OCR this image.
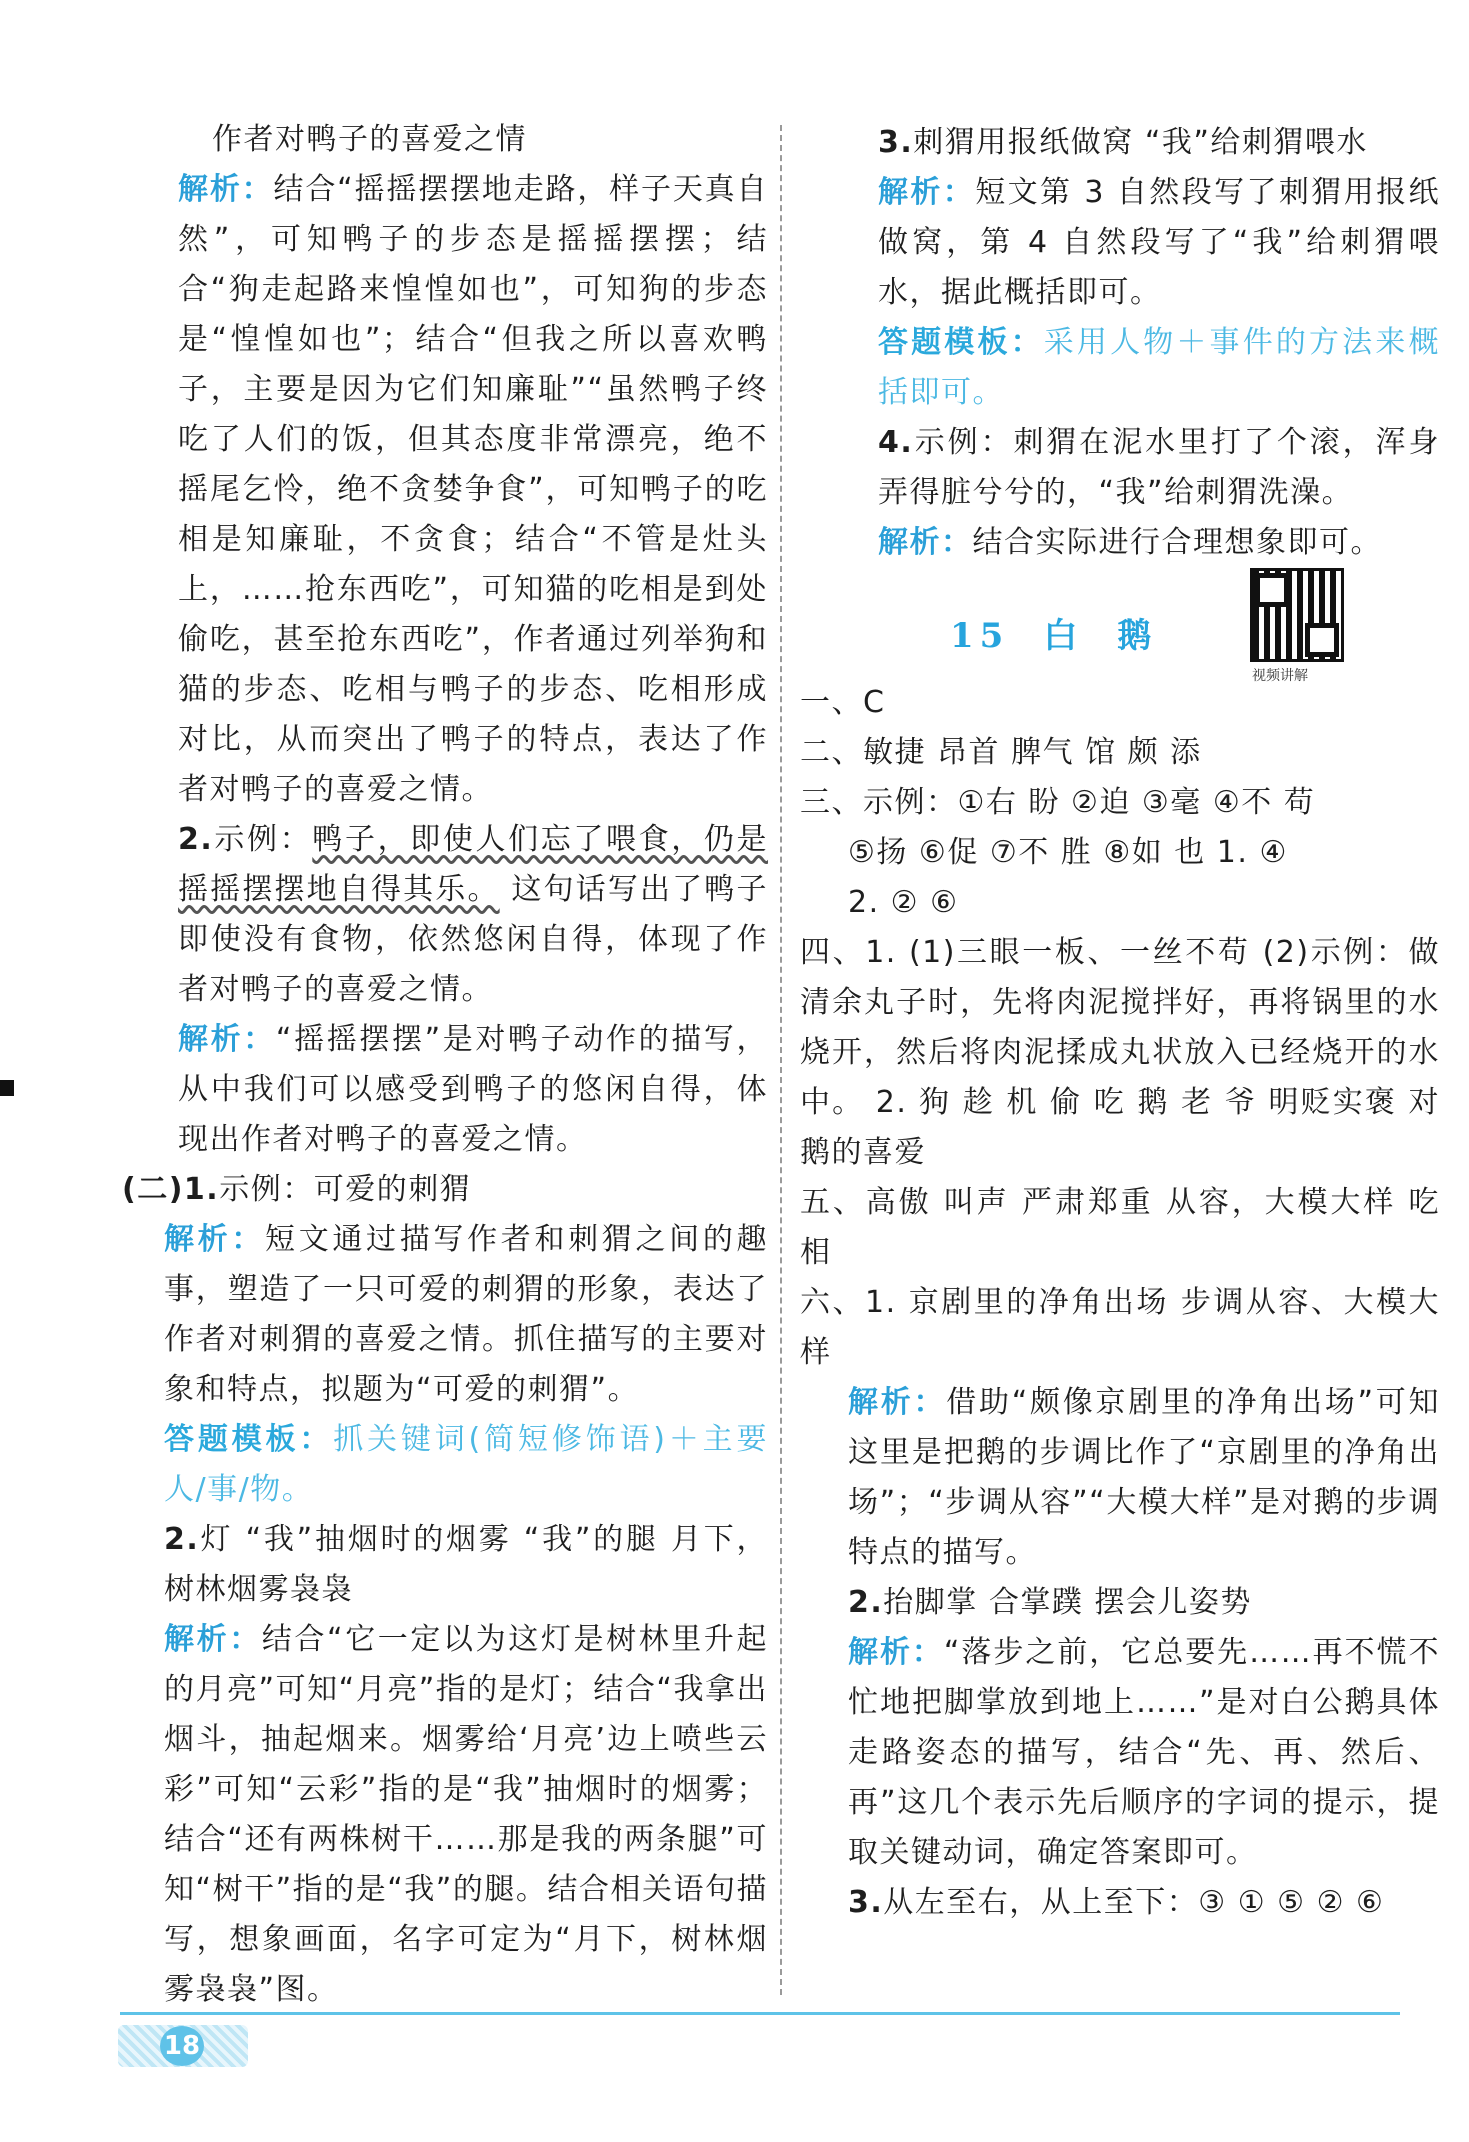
作者对鸭子的喜爱之情

解析：结合“摇摇摆摆地走路，样子天真自然”，可知鸭子的步态是摇摇摆摆；结合“狗走起路来惶惶如也”，可知狗的步态是“惶惶如也”；结合“但我之所以喜欢鸭子，主要是因为它们知廉耻”“虽然鸭子终吃了人们的饭，但其态度非常漂亮，绝不摇尾乞怜，绝不贪婪争食”，可知鸭子的吃相是知廉耻，不贪食；结合“不管是灶头上，……抢东西吃”，可知猫的吃相是到处偷吃，甚至抢东西吃”，作者通过列举狗和猫的步态、吃相与鸭子的步态、吃相形成对比，从而突出了鸭子的特点，表达了作者对鸭子的喜爱之情。

2.示例：鸭子，即使人们忘了喂食，仍是摇摇摆摆地自得其乐。 这句话写出了鸭子即使没有食物，依然悠闲自得，体现了作者对鸭子的喜爱之情。

解析：“摇摇摆摆”是对鸭子动作的描写，从中我们可以感受到鸭子的悠闲自得，体现出作者对鸭子的喜爱之情。

(二)1.示例：可爱的刺猬

解析：短文通过描写作者和刺猬之间的趣事，塑造了一只可爱的刺猬的形象，表达了作者对刺猬的喜爱之情。抓住描写的主要对象和特点，拟题为“可爱的刺猬”。

答题模板：抓关键词(简短修饰语)＋主要人/事/物。

2.灯 “我”抽烟时的烟雾 “我”的腿 月下，树林烟雾袅袅

解析：结合“它一定以为这灯是树林里升起的月亮”可知“月亮”指的是灯；结合“我拿出烟斗，抽起烟来。烟雾给‘月亮’边上喷些云彩”可知“云彩”指的是“我”抽烟时的烟雾；结合“还有两株树干……那是我的两条腿”可知“树干”指的是“我”的腿。结合相关语句描写，想象画面，名字可定为“月下，树林烟雾袅袅”图。

3.刺猬用报纸做窝 “我”给刺猬喂水

解析：短文第 3 自然段写了刺猬用报纸做窝，第 4 自然段写了“我”给刺猬喂水，据此概括即可。

答题模板：采用人物＋事件的方法来概括即可。

4.示例：刺猬在泥水里打了个滚，浑身弄得脏兮兮的，“我”给刺猬洗澡。

解析：结合实际进行合理想象即可。

15 白 鹅
视频讲解

一、C

二、敏捷 昂首 脾气 馆 颇 添

三、示例：①右 盼 ②迫 ③毫 ④不 苟

⑤扬 ⑥促 ⑦不 胜 ⑧如 也 1. ④

2. ② ⑥

四、1. (1)三眼一板、一丝不苟 (2)示例：做清余丸子时，先将肉泥搅拌好，再将锅里的水烧开，然后将肉泥揉成丸状放入已经烧开的水中。 2. 狗 趁 机 偷 吃 鹅 老 爷 明贬实褒 对鹅的喜爱

五、高傲 叫声 严肃郑重 从容，大模大样 吃相

六、1. 京剧里的净角出场 步调从容、大模大样

解析：借助“颇像京剧里的净角出场”可知这里是把鹅的步调比作了“京剧里的净角出场”；“步调从容”“大模大样”是对鹅的步调特点的描写。

2.抬脚掌 合掌蹼 摆会儿姿势

解析：“落步之前，它总要先……再不慌不忙地把脚掌放到地上……”是对白公鹅具体走路姿态的描写，结合“先、再、然后、再”这几个表示先后顺序的字词的提示，提取关键动词，确定答案即可。

3.从左至右，从上至下：③ ① ⑤ ② ⑥

18
